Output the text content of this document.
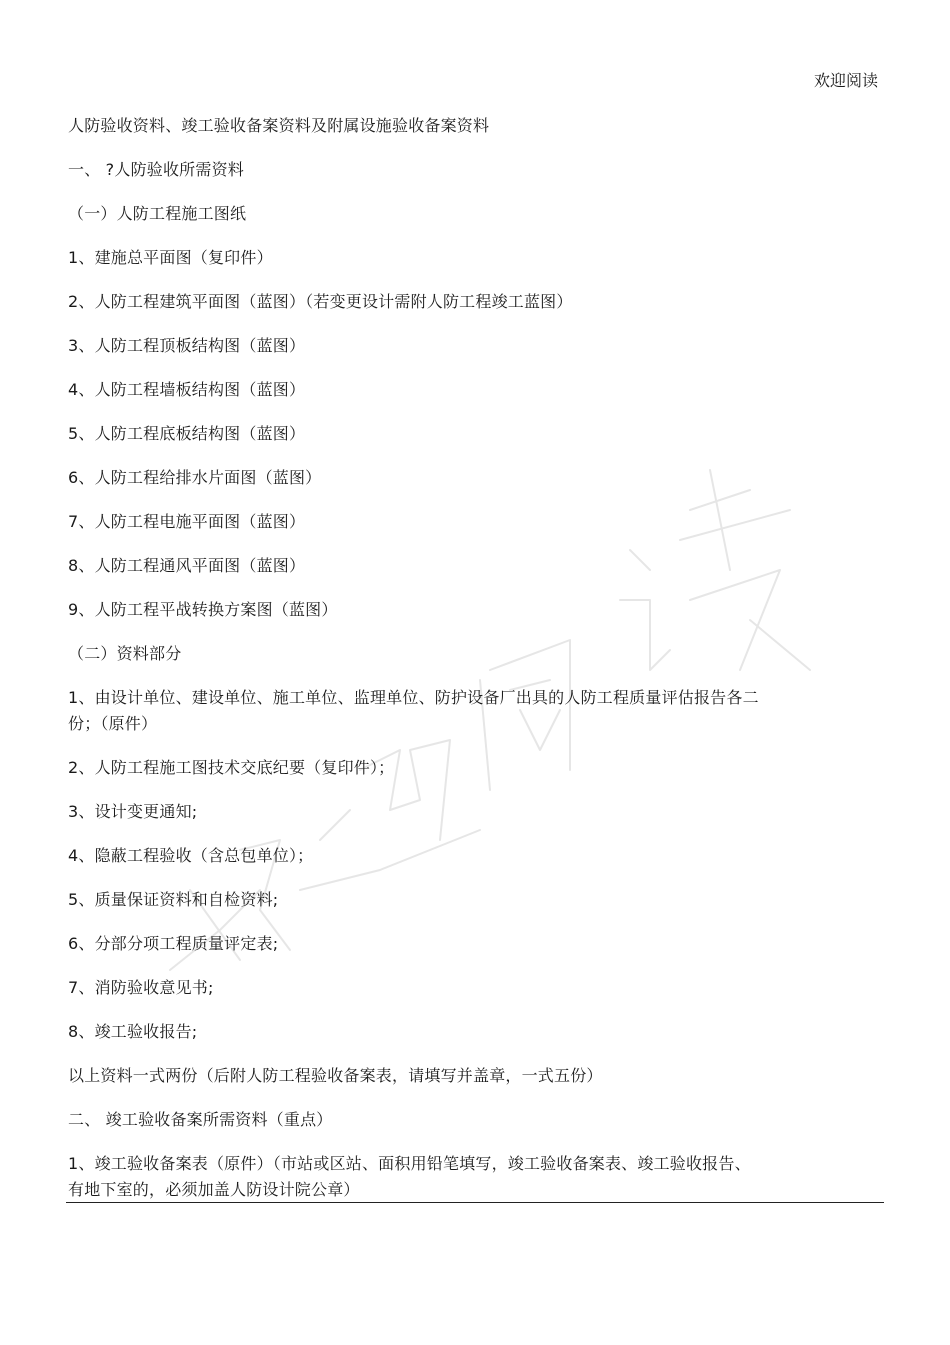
欢迎阅读
人防验收资料、竣工验收备案资料及附属设施验收备案资料
一、 ?人防验收所需资料
（一）人防工程施工图纸
1、建施总平面图（复印件）
2、人防工程建筑平面图（蓝图）（若变更设计需附人防工程竣工蓝图）
3、人防工程顶板结构图（蓝图）
4、人防工程墙板结构图（蓝图）
5、人防工程底板结构图（蓝图）
6、人防工程给排水片面图（蓝图）
7、人防工程电施平面图（蓝图）
8、人防工程通风平面图（蓝图）
9、人防工程平战转换方案图（蓝图）
（二）资料部分
1、由设计单位、建设单位、施工单位、监理单位、防护设备厂出具的人防工程质量评估报告各二
份；（原件）
2、人防工程施工图技术交底纪要（复印件）；
3、设计变更通知;
4、隐蔽工程验收（含总包单位）；
5、质量保证资料和自检资料;
6、分部分项工程质量评定表;
7、消防验收意见书;
8、竣工验收报告;
以上资料一式两份（后附人防工程验收备案表，请填写并盖章，一式五份）
二、 竣工验收备案所需资料（重点）
1、竣工验收备案表（原件）（市站或区站、面积用铅笔填写，竣工验收备案表、竣工验收报告、
有地下室的，必须加盖人防设计院公章）
